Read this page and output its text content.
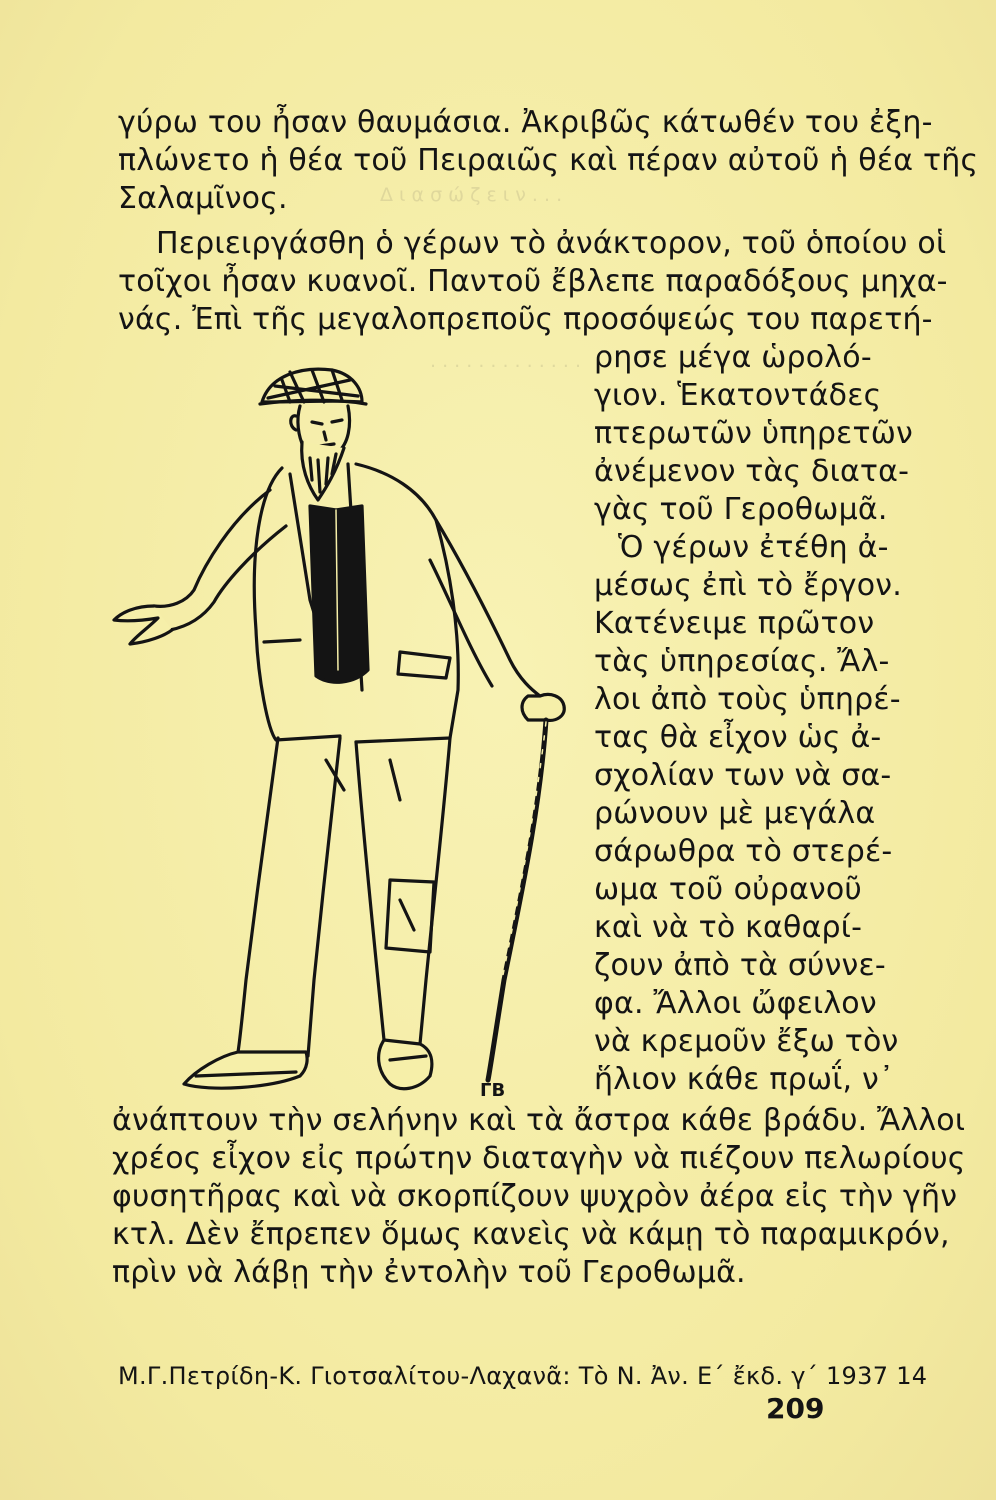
Δ ι α σ ώ ζ ε ι ν . . .
. . . . . . . . . . . . .
γύρω του ἦσαν θαυμάσια. Ἀκριβῶς κάτωθέν του ἐξη-
πλώνετο ἡ θέα τοῦ Πειραιῶς καὶ πέραν αὐτοῦ ἡ θέα τῆς
Σαλαμῖνος.
Περιειργάσθη ὁ γέρων τὸ ἀνάκτορον, τοῦ ὁποίου οἱ
τοῖχοι ἦσαν κυανοῖ. Παντοῦ ἔβλεπε παραδόξους μηχα-
νάς. Ἐπὶ τῆς μεγαλοπρεποῦς προσόψεώς του παρετή-
ρησε μέγα ὡρολό-
γιον. Ἑκατοντάδες
πτερωτῶν ὑπηρετῶν
ἀνέμενον τὰς διατα-
γὰς τοῦ Γεροθωμᾶ.
Ὁ γέρων ἐτέθη ἀ-
μέσως ἐπὶ τὸ ἔργον.
Κατένειμε πρῶτον
τὰς ὑπηρεσίας. Ἄλ-
λοι ἀπὸ τοὺς ὑπηρέ-
τας θὰ εἶχον ὡς ἀ-
σχολίαν των νὰ σα-
ρώνουν μὲ μεγάλα
σάρωθρα τὸ στερέ-
ωμα τοῦ οὐρανοῦ
καὶ νὰ τὸ καθαρί-
ζουν ἀπὸ τὰ σύννε-
φα. Ἄλλοι ὤφειλον
νὰ κρεμοῦν ἔξω τὸν
ἥλιον κάθε πρωΐ, ν᾿
ἀνάπτουν τὴν σελήνην καὶ τὰ ἄστρα κάθε βράδυ. Ἄλλοι
χρέος εἶχον εἰς πρώτην διαταγὴν νὰ πιέζουν πελωρίους
φυσητῆρας καὶ νὰ σκορπίζουν ψυχρὸν ἀέρα εἰς τὴν γῆν
κτλ. Δὲν ἔπρεπεν ὅμως κανεὶς νὰ κάμῃ τὸ παραμικρόν,
πρὶν νὰ λάβῃ τὴν ἐντολὴν τοῦ Γεροθωμᾶ.
ΓΒ
Μ.Γ.Πετρίδη-Κ. Γιοτσαλίτου-Λαχανᾶ: Τὸ Ν. Ἀν. Ε΄ ἔκδ. γ΄ 1937 14
209
